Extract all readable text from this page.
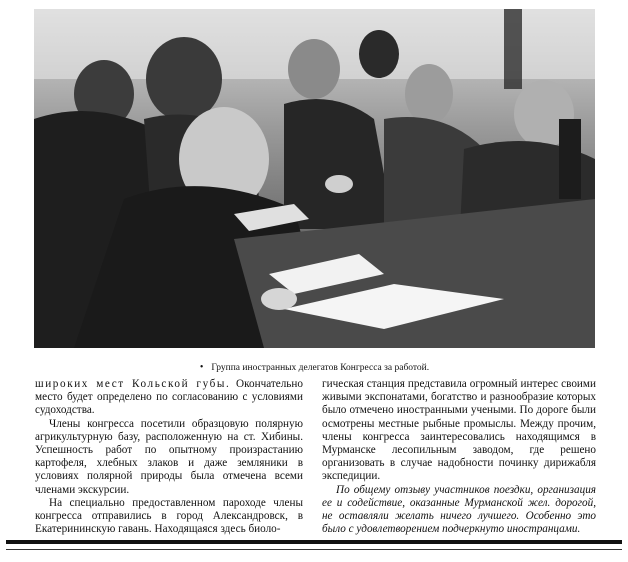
• Группа иностранных делегатов Конгресса за работой.

широких мест Кольской губы. Окончательно место будет определено по согласованию с условиями судоходства.

Члены конгресса посетили образцовую полярную агрикультурную базу, расположенную на ст. Хибины. Успешность работ по опытному произрастанию картофеля, хлебных злаков и даже земляники в условиях полярной природы была отмечена всеми членами экскурсии.

На специально предоставленном пароходе члены конгресса отправились в город Александровск, в Екатерининскую гавань. Находящаяся здесь биоло-

гическая станция представила огромный интерес своими живыми экспонатами, богатство и разнообразие которых было отмечено иностранными учеными. По дороге были осмотрены местные рыбные промыслы. Между прочим, члены конгресса заинтересовались находящимся в Мурманске лесопильным заводом, где решено организовать в случае надобности починку дирижабля экспедиции.

По общему отзыву участников поездки, организация ее и содействие, оказанные Мурманской жел. дорогой, не оставляли желать ничего лучшего. Особенно это было с удовлетворением подчеркнуто иностранцами.
